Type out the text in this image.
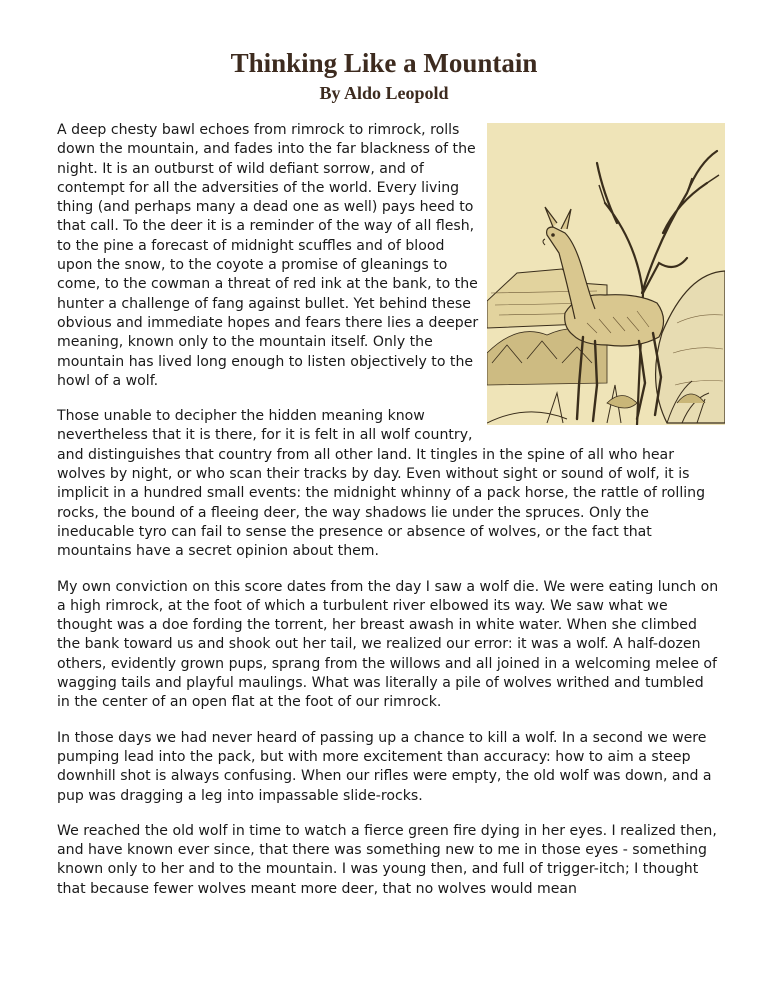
Thinking Like a Mountain
By Aldo Leopold

A deep chesty bawl echoes from rimrock to rimrock, rolls down the mountain, and fades into the far blackness of the night. It is an outburst of wild defiant sorrow, and of contempt for all the adversities of the world. Every living thing (and perhaps many a dead one as well) pays heed to that call. To the deer it is a reminder of the way of all flesh, to the pine a forecast of midnight scuffles and of blood upon the snow, to the coyote a promise of gleanings to come, to the cowman a threat of red ink at the bank, to the hunter a challenge of fang against bullet. Yet behind these obvious and immediate hopes and fears there lies a deeper meaning, known only to the mountain itself. Only the mountain has lived long enough to listen objectively to the howl of a wolf.

Those unable to decipher the hidden meaning know nevertheless that it is there, for it is felt in all wolf country, and distinguishes that country from all other land. It tingles in the spine of all who hear wolves by night, or who scan their tracks by day. Even without sight or sound of wolf, it is implicit in a hundred small events: the midnight whinny of a pack horse, the rattle of rolling rocks, the bound of a fleeing deer, the way shadows lie under the spruces. Only the ineducable tyro can fail to sense the presence or absence of wolves, or the fact that mountains have a secret opinion about them.

My own conviction on this score dates from the day I saw a wolf die. We were eating lunch on a high rimrock, at the foot of which a turbulent river elbowed its way. We saw what we thought was a doe fording the torrent, her breast awash in white water. When she climbed the bank toward us and shook out her tail, we realized our error: it was a wolf. A half-dozen others, evidently grown pups, sprang from the willows and all joined in a welcoming melee of wagging tails and playful maulings. What was literally a pile of wolves writhed and tumbled in the center of an open flat at the foot of our rimrock.

In those days we had never heard of passing up a chance to kill a wolf. In a second we were pumping lead into the pack, but with more excitement than accuracy: how to aim a steep downhill shot is always confusing. When our rifles were empty, the old wolf was down, and a pup was dragging a leg into impassable slide-rocks.

We reached the old wolf in time to watch a fierce green fire dying in her eyes. I realized then, and have known ever since, that there was something new to me in those eyes - something known only to her and to the mountain. I was young then, and full of trigger-itch; I thought that because fewer wolves meant more deer, that no wolves would mean
